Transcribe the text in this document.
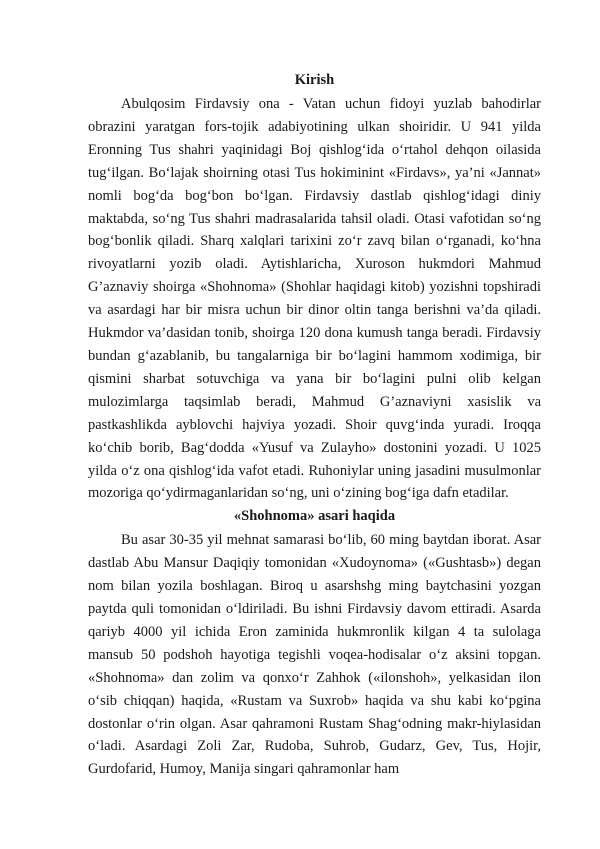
Kirish

Abulqosim Firdavsiy ona - Vatan uchun fidoyi yuzlab bahodirlar obrazini yaratgan fors-tojik adabiyotining ulkan shoiridir. U 941 yilda Eronning Tus shahri yaqinidagi Boj qishlog‘ida o‘rtahol dehqon oilasida tug‘ilgan. Bo‘lajak shoirning otasi Tus hokiminint «Firdavs», ya’ni «Jannat» nomli bog‘da bog‘bon bo‘lgan. Firdavsiy dastlab qishlog‘idagi diniy maktabda, so‘ng Tus shahri madrasalarida tahsil oladi. Otasi vafotidan so‘ng bog‘bonlik qiladi. Sharq xalqlari tarixini zo‘r zavq bilan o‘rganadi, ko‘hna rivoyatlarni yozib oladi. Aytishlaricha, Xuroson hukmdori Mahmud G’aznaviy shoirga «Shohnoma» (Shohlar haqidagi kitob) yozishni topshiradi va asardagi har bir misra uchun bir dinor oltin tanga berishni va’da qiladi. Hukmdor va’dasidan tonib, shoirga 120 dona kumush tanga beradi. Firdavsiy bundan g‘azablanib, bu tangalarniga bir bo‘lagini hammom xodimiga, bir qismini sharbat sotuvchiga va yana bir bo‘lagini pulni olib kelgan mulozimlarga taqsimlab beradi, Mahmud G’aznaviyni xasislik va pastkashlikda ayblovchi hajviya yozadi. Shoir quvg‘inda yuradi. Iroqqa ko‘chib borib, Bag‘dodda «Yusuf va Zulayho» dostonini yozadi. U 1025 yilda o‘z ona qishlog‘ida vafot etadi. Ruhoniylar uning jasadini musulmonlar mozoriga qo‘ydirmaganlaridan so‘ng, uni o‘zining bog‘iga dafn etadilar.

«Shohnoma» asari haqida

Bu asar 30-35 yil mehnat samarasi bo‘lib, 60 ming baytdan iborat. Asar dastlab Abu Mansur Daqiqiy tomonidan «Xudoynoma» («Gushtasb») degan nom bilan yozila boshlagan. Biroq u asarshshg ming baytchasini yozgan paytda quli tomonidan o‘ldiriladi. Bu ishni Firdavsiy davom ettiradi. Asarda qariyb 4000 yil ichida Eron zaminida hukmronlik kilgan 4 ta sulolaga mansub 50 podshoh hayotiga tegishli voqea-hodisalar o‘z aksini topgan. «Shohnoma» dan zolim va qonxo‘r Zahhok («ilonshoh», yelkasidan ilon o‘sib chiqqan) haqida, «Rustam va Suxrob» haqida va shu kabi ko‘pgina dostonlar o‘rin olgan. Asar qahramoni Rustam Shag‘odning makr-hiylasidan o‘ladi. Asardagi Zoli Zar, Rudoba, Suhrob, Gudarz, Gev, Tus, Hojir, Gurdofarid, Humoy, Manija singari qahramonlar ham
